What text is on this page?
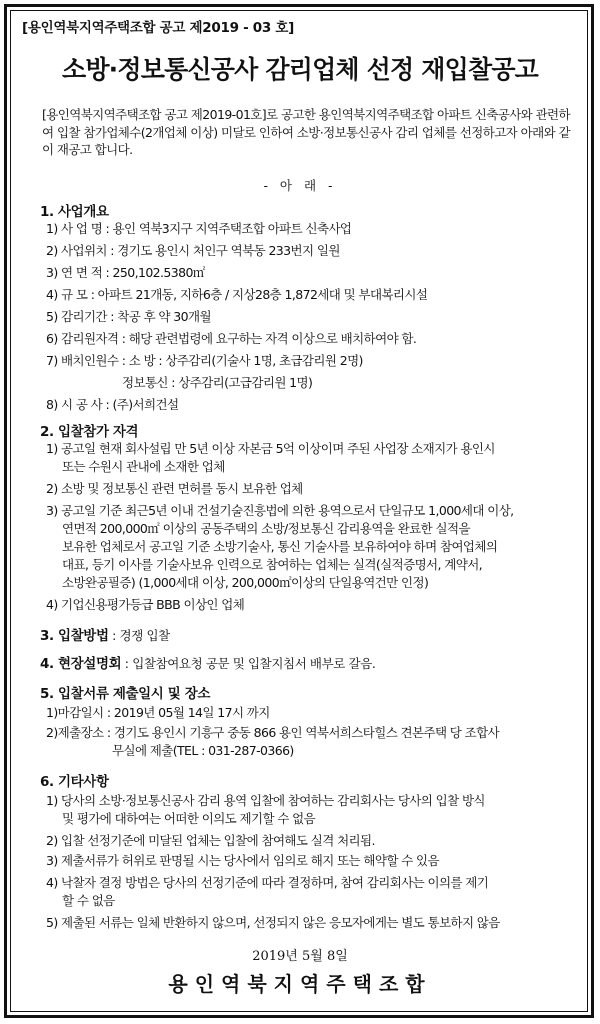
[용인역북지역주택조합 공고 제2019 - 03 호]
소방·정보통신공사 감리업체 선정 재입찰공고
[용인역북지역주택조합 공고 제2019-01호]로 공고한 용인역북지역주택조합 아파트 신축공사와 관련하여 입찰 참가업체수(2개업체 이상) 미달로 인하여 소방·정보통신공사 감리 업체를 선정하고자 아래와 같이 재공고 합니다.
- 아 래 -
1. 사업개요
1) 사 업 명 : 용인 역북3지구 지역주택조합 아파트 신축사업
2) 사업위치 : 경기도 용인시 처인구 역북동 233번지 일원
3) 연 면 적 : 250,102.5380㎡
4) 규 모 : 아파트 21개동, 지하6층 / 지상28층 1,872세대 및 부대복리시설
5) 감리기간 : 착공 후 약 30개월
6) 감리원자격 : 해당 관련법령에 요구하는 자격 이상으로 배치하여야 함.
7) 배치인원수 : 소 방 : 상주감리(기술사 1명, 초급감리원 2명)
정보통신 : 상주감리(고급감리원 1명)
8) 시 공 사 : (주)서희건설
2. 입찰참가 자격
1) 공고일 현재 회사설립 만 5년 이상 자본금 5억 이상이며 주된 사업장 소재지가 용인시
또는 수원시 관내에 소재한 업체
2) 소방 및 정보통신 관련 면허를 동시 보유한 업체
3) 공고일 기준 최근5년 이내 건설기술진흥법에 의한 용역으로서 단일규모 1,000세대 이상,
연면적 200,000㎡ 이상의 공동주택의 소방/정보통신 감리용역을 완료한 실적을
보유한 업체로서 공고일 기준 소방기술사, 통신 기술사를 보유하여야 하며 참여업체의
대표, 등기 이사를 기술사보유 인력으로 참여하는 업체는 실격(실적증명서, 계약서,
소방완공필증) (1,000세대 이상, 200,000㎡이상의 단일용역건만 인정)
4) 기업신용평가등급 BBB 이상인 업체
3. 입찰방법 : 경쟁 입찰
4. 현장설명회 : 입찰참여요청 공문 및 입찰지침서 배부로 갈음.
5. 입찰서류 제출일시 및 장소
1)마감일시 : 2019년 05월 14일 17시 까지
2)제출장소 : 경기도 용인시 기흥구 중동 866 용인 역북서희스타힐스 견본주택 당 조합사
무실에 제출(TEL : 031-287-0366)
6. 기타사항
1) 당사의 소방·정보통신공사 감리 용역 입찰에 참여하는 감리회사는 당사의 입찰 방식
및 평가에 대하여는 어떠한 이의도 제기할 수 없음
2) 입찰 선정기준에 미달된 업체는 입찰에 참여해도 실격 처리됨.
3) 제출서류가 허위로 판명될 시는 당사에서 임의로 해지 또는 해약할 수 있음
4) 낙찰자 결정 방법은 당사의 선정기준에 따라 결정하며, 참여 감리회사는 이의를 제기
할 수 없음
5) 제출된 서류는 일체 반환하지 않으며, 선정되지 않은 응모자에게는 별도 통보하지 않음
2019년 5월 8일
용인역북지역주택조합
